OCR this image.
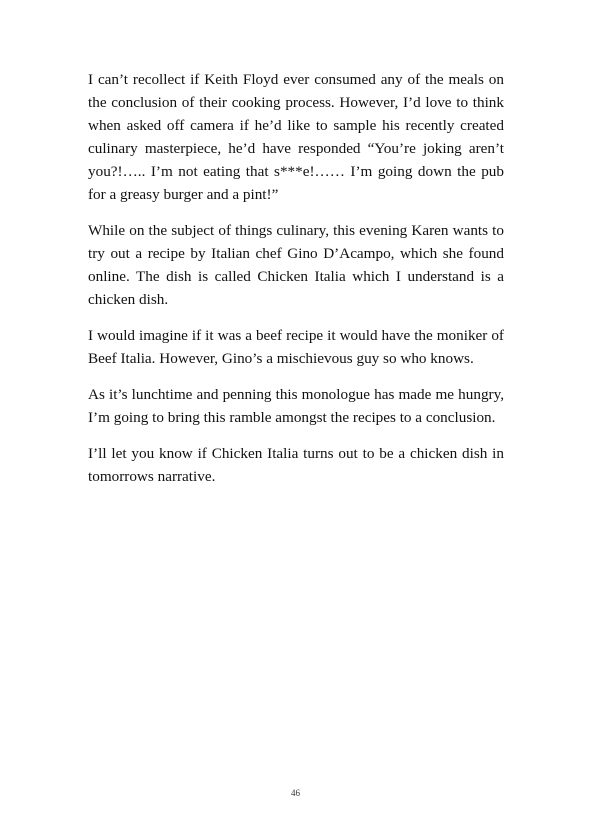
I can’t recollect if Keith Floyd ever consumed any of the meals on the conclusion of their cooking process. However, I’d love to think when asked off camera if he’d like to sample his recently created culinary masterpiece, he’d have responded “You’re joking aren’t you?!….. I’m not eating that s***e!…… I’m going down the pub for a greasy burger and a pint!”

While on the subject of things culinary, this evening Karen wants to try out a recipe by Italian chef Gino D’Acampo, which she found online. The dish is called Chicken Italia which I understand is a chicken dish.

I would imagine if it was a beef recipe it would have the moniker of Beef Italia. However, Gino’s a mischievous guy so who knows.

As it’s lunchtime and penning this monologue has made me hungry, I’m going to bring this ramble amongst the recipes to a conclusion.

I’ll let you know if Chicken Italia turns out to be a chicken dish in tomorrows narrative.

46
